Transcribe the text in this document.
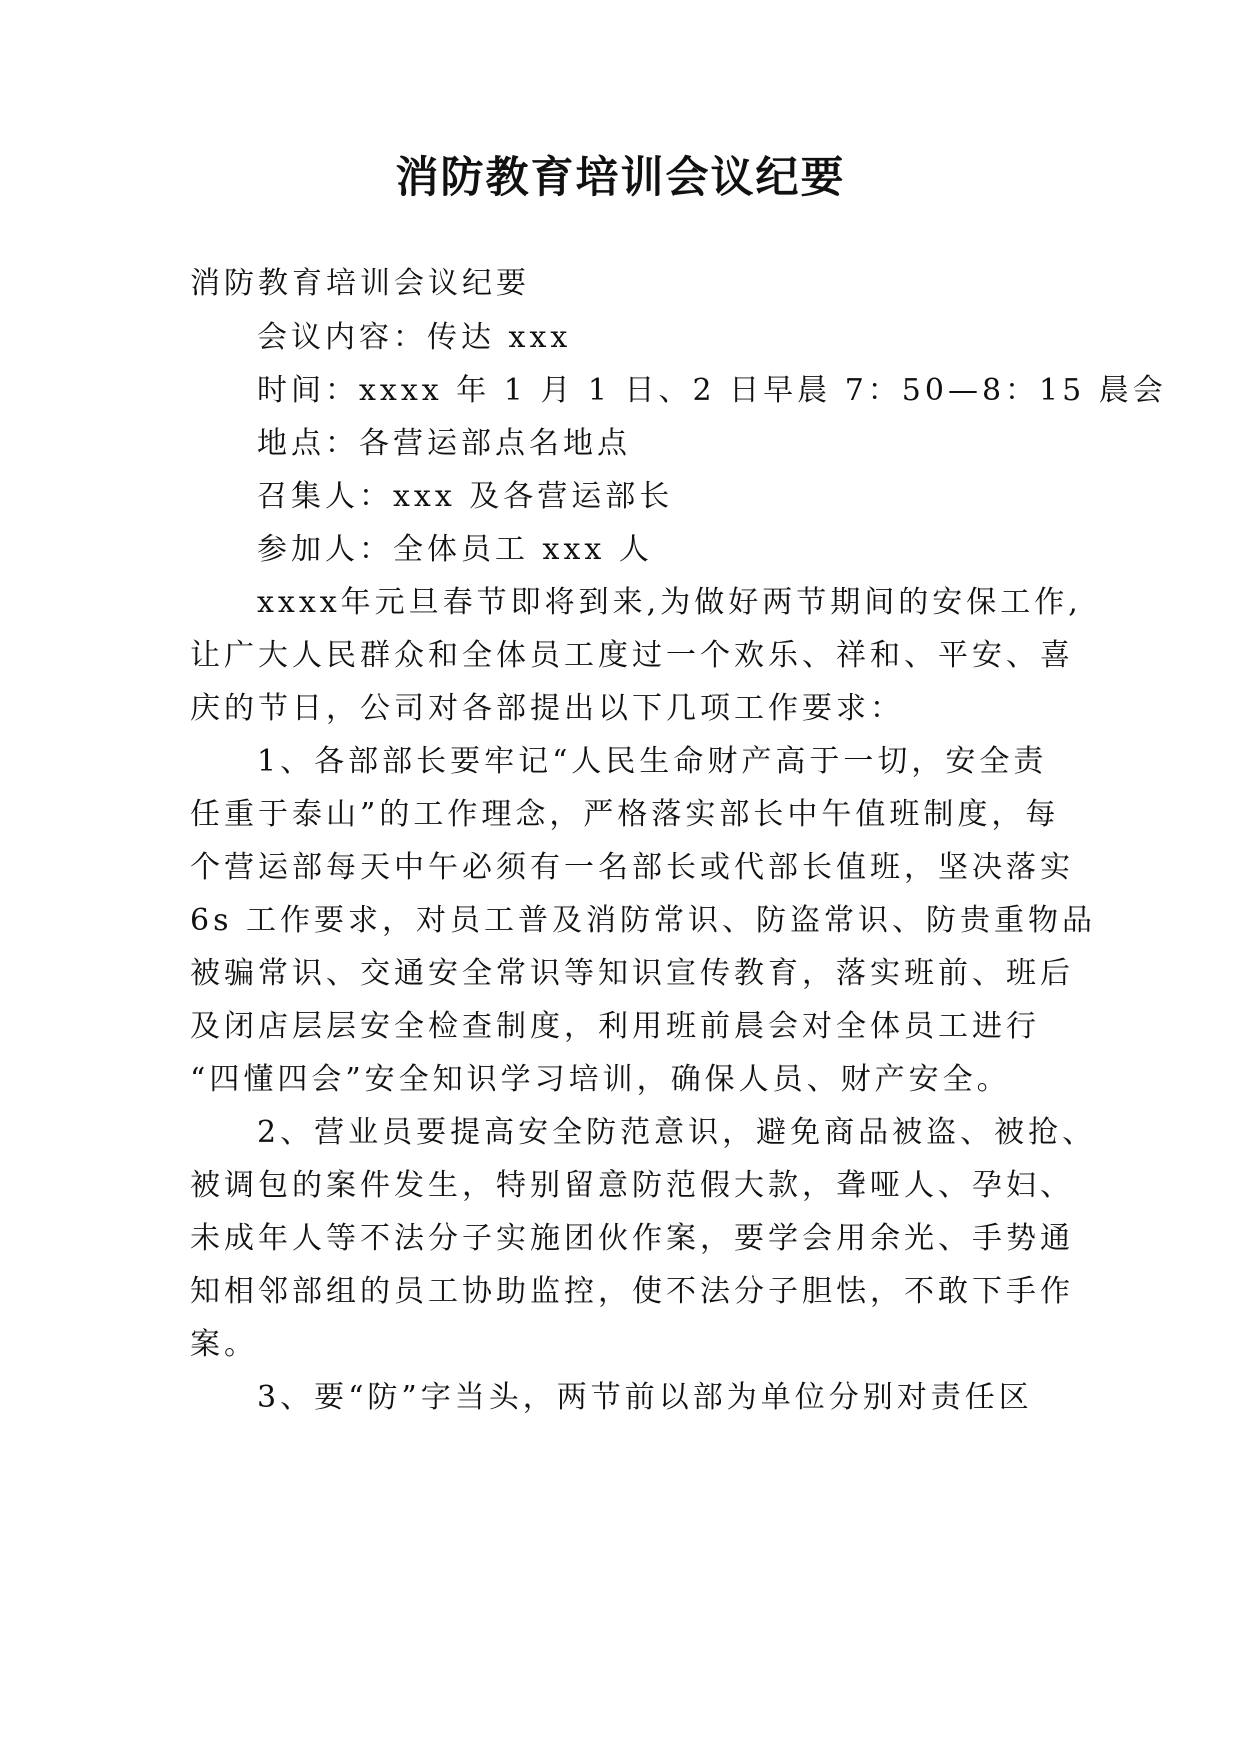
消防教育培训会议纪要
消防教育培训会议纪要
会议内容：传达 xxx
时间：xxxx 年 1 月 1 日、2 日早晨 7：50—8：15 晨会
地点：各营运部点名地点
召集人：xxx 及各营运部长
参加人：全体员工 xxx 人
xxxx年元旦春节即将到来,为做好两节期间的安保工作,
让广大人民群众和全体员工度过一个欢乐、祥和、平安、喜
庆的节日，公司对各部提出以下几项工作要求：
1、各部部长要牢记“人民生命财产高于一切，安全责
任重于泰山”的工作理念，严格落实部长中午值班制度，每
个营运部每天中午必须有一名部长或代部长值班，坚决落实
6s 工作要求，对员工普及消防常识、防盗常识、防贵重物品
被骗常识、交通安全常识等知识宣传教育，落实班前、班后
及闭店层层安全检查制度，利用班前晨会对全体员工进行
“四懂四会”安全知识学习培训，确保人员、财产安全。
2、营业员要提高安全防范意识，避免商品被盗、被抢、
被调包的案件发生，特别留意防范假大款，聋哑人、孕妇、
未成年人等不法分子实施团伙作案，要学会用余光、手势通
知相邻部组的员工协助监控，使不法分子胆怯，不敢下手作
案。
3、要“防”字当头，两节前以部为单位分别对责任区
